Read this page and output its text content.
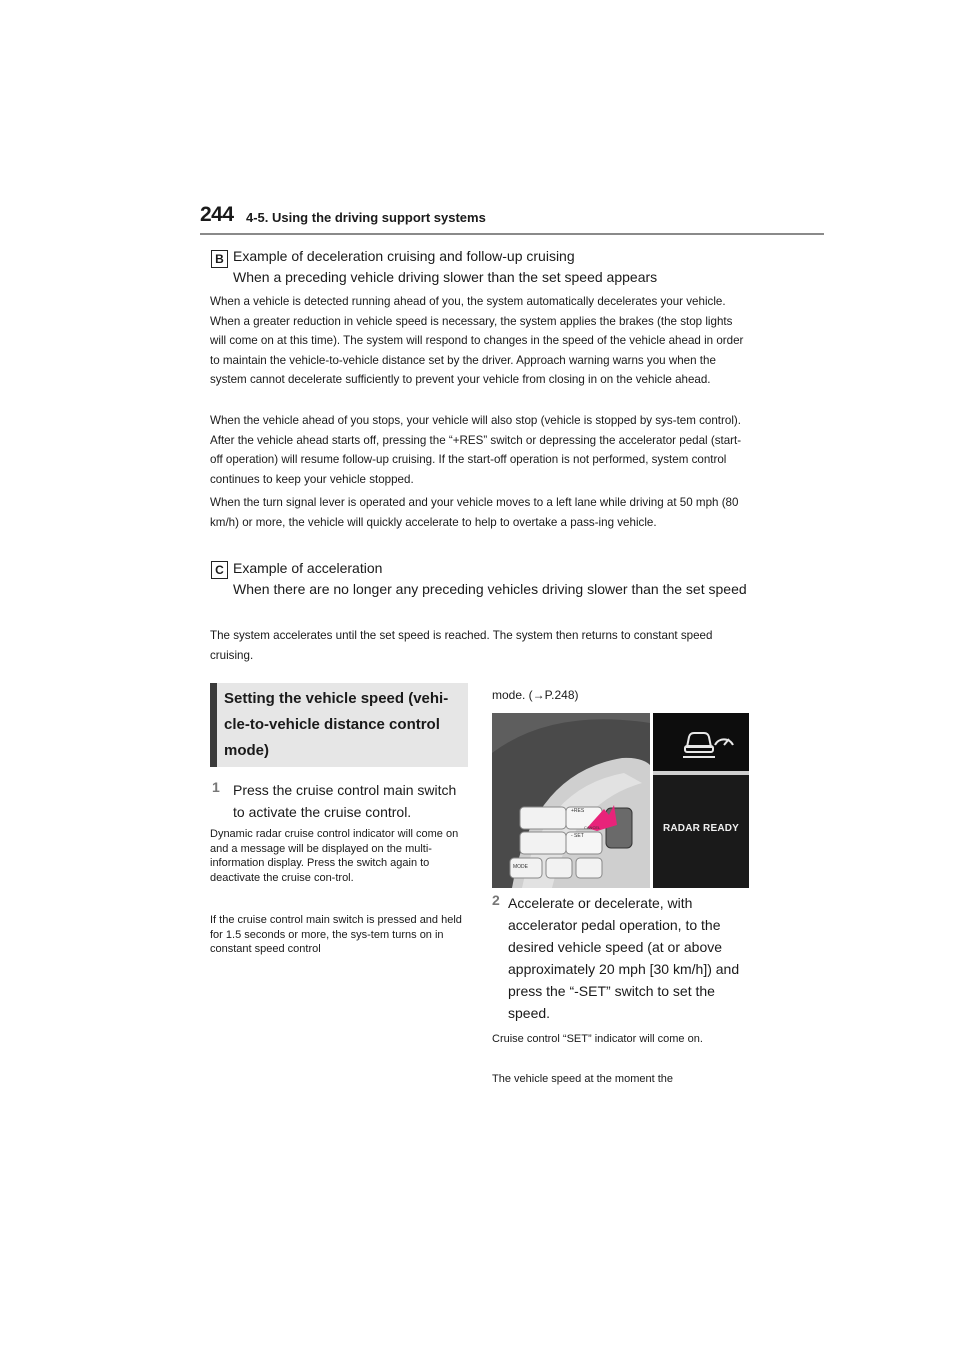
244 4-5. Using the driving support systems
B Example of deceleration cruising and follow-up cruising
When a preceding vehicle driving slower than the set speed appears
When a vehicle is detected running ahead of you, the system automatically decelerates your vehicle. When a greater reduction in vehicle speed is necessary, the system applies the brakes (the stop lights will come on at this time). The system will respond to changes in the speed of the vehicle ahead in order to maintain the vehicle-to-vehicle distance set by the driver. Approach warning warns you when the system cannot decelerate sufficiently to prevent your vehicle from closing in on the vehicle ahead.
When the vehicle ahead of you stops, your vehicle will also stop (vehicle is stopped by sys-tem control). After the vehicle ahead starts off, pressing the “+RES” switch or depressing the accelerator pedal (start-off operation) will resume follow-up cruising. If the start-off operation is not performed, system control continues to keep your vehicle stopped.
When the turn signal lever is operated and your vehicle moves to a left lane while driving at 50 mph (80 km/h) or more, the vehicle will quickly accelerate to help to overtake a pass-ing vehicle.
C Example of acceleration
When there are no longer any preceding vehicles driving slower than the set speed
The system accelerates until the set speed is reached. The system then returns to constant speed cruising.
Setting the vehicle speed (vehi-cle-to-vehicle distance control mode)
1 Press the cruise control main switch to activate the cruise control.
Dynamic radar cruise control indicator will come on and a message will be displayed on the multi-information display. Press the switch again to deactivate the cruise con-trol.
If the cruise control main switch is pressed and held for 1.5 seconds or more, the sys-tem turns on in constant speed control
mode. (→P.248)
+RES
- SET
CANCEL
MODE
RADAR READY
2 Accelerate or decelerate, with accelerator pedal operation, to the desired vehicle speed (at or above approximately 20 mph [30 km/h]) and press the “-SET” switch to set the speed.
Cruise control “SET” indicator will come on.
The vehicle speed at the moment the
